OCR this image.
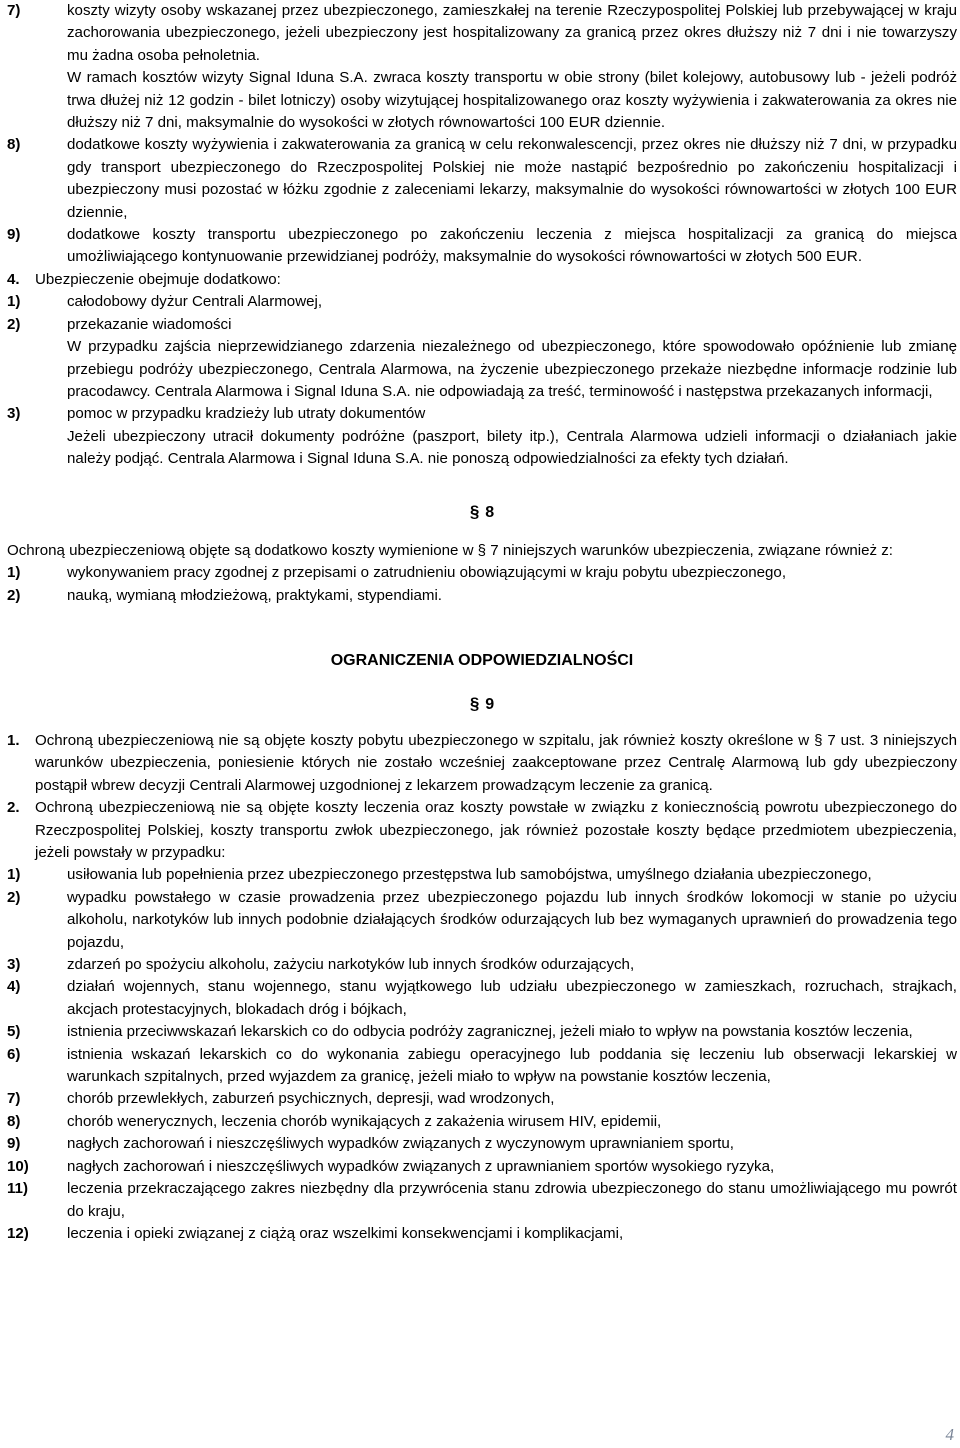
7)	koszty wizyty osoby wskazanej przez ubezpieczonego, zamieszkałej na terenie Rzeczypospolitej Polskiej lub przebywającej w kraju zachorowania ubezpieczonego, jeżeli ubezpieczony jest hospitalizowany za granicą przez okres dłuższy niż 7 dni i nie towarzyszy mu żadna osoba pełnoletnia.
W ramach kosztów wizyty Signal Iduna S.A. zwraca koszty transportu w obie strony (bilet kolejowy, autobusowy lub - jeżeli podróż trwa dłużej niż 12 godzin - bilet lotniczy) osoby wizytującej hospitalizowanego oraz koszty wyżywienia i zakwaterowania za okres nie dłuższy niż 7 dni, maksymalnie do wysokości w złotych równowartości 100 EUR dziennie.
8)	dodatkowe koszty wyżywienia i zakwaterowania za granicą w celu rekonwalescencji, przez okres nie dłuższy niż 7 dni, w przypadku gdy transport ubezpieczonego do Rzeczpospolitej Polskiej nie może nastąpić bezpośrednio po zakończeniu hospitalizacji i ubezpieczony musi pozostać w łóżku zgodnie z zaleceniami lekarzy, maksymalnie do wysokości równowartości w złotych 100 EUR dziennie,
9)	dodatkowe koszty transportu ubezpieczonego po zakończeniu leczenia z miejsca hospitalizacji za granicą do miejsca umożliwiającego kontynuowanie przewidzianej podróży, maksymalnie do wysokości równowartości w złotych 500 EUR.
4. Ubezpieczenie obejmuje dodatkowo:
1)	całodobowy dyżur Centrali Alarmowej,
2)	przekazanie wiadomości
W przypadku zajścia nieprzewidzianego zdarzenia niezależnego od ubezpieczonego, które spowodowało opóźnienie lub zmianę przebiegu podróży ubezpieczonego, Centrala Alarmowa, na życzenie ubezpieczonego przekaże niezbędne informacje rodzinie lub pracodawcy. Centrala Alarmowa i Signal Iduna S.A. nie odpowiadają za treść, terminowość i następstwa przekazanych informacji,
3)	pomoc w przypadku kradzieży lub utraty dokumentów
Jeżeli ubezpieczony utracił dokumenty podróżne (paszport, bilety itp.), Centrala Alarmowa udzieli informacji o działaniach jakie należy podjąć. Centrala Alarmowa i Signal Iduna S.A. nie ponoszą odpowiedzialności za efekty tych działań.
§ 8
Ochroną ubezpieczeniową objęte są dodatkowo koszty wymienione w § 7 niniejszych warunków ubezpieczenia, związane również z:
1)	wykonywaniem pracy zgodnej z przepisami o zatrudnieniu obowiązującymi w kraju pobytu ubezpieczonego,
2)	nauką, wymianą młodzieżową, praktykami, stypendiami.
OGRANICZENIA ODPOWIEDZIALNOŚCI
§ 9
1. Ochroną ubezpieczeniową nie są objęte koszty pobytu ubezpieczonego w szpitalu, jak również koszty określone w § 7 ust. 3 niniejszych warunków ubezpieczenia, poniesienie których nie zostało wcześniej zaakceptowane przez Centralę Alarmową lub gdy ubezpieczony postąpił wbrew decyzji Centrali Alarmowej uzgodnionej z lekarzem prowadzącym leczenie za granicą.
2. Ochroną ubezpieczeniową nie są objęte koszty leczenia oraz koszty powstałe w związku z koniecznością powrotu ubezpieczonego do Rzeczpospolitej Polskiej, koszty transportu zwłok ubezpieczonego, jak również pozostałe koszty będące przedmiotem ubezpieczenia, jeżeli powstały w przypadku:
1)	usiłowania lub popełnienia przez ubezpieczonego przestępstwa lub samobójstwa, umyślnego działania ubezpieczonego,
2)	wypadku powstałego w czasie prowadzenia przez ubezpieczonego pojazdu lub innych środków lokomocji w stanie po użyciu alkoholu, narkotyków lub innych podobnie działających środków odurzających lub bez wymaganych uprawnień do prowadzenia tego pojazdu,
3)	zdarzeń po spożyciu alkoholu, zażyciu narkotyków lub innych środków odurzających,
4)	działań wojennych, stanu wojennego, stanu wyjątkowego lub udziału ubezpieczonego w zamieszkach, rozruchach, strajkach, akcjach protestacyjnych, blokadach dróg i bójkach,
5)	istnienia przeciwwskazań lekarskich co do odbycia podróży zagranicznej, jeżeli miało to wpływ na powstania kosztów leczenia,
6)	istnienia wskazań lekarskich co do wykonania zabiegu operacyjnego lub poddania się leczeniu lub obserwacji lekarskiej w warunkach szpitalnych, przed wyjazdem za granicę, jeżeli miało to wpływ na powstanie kosztów leczenia,
7)	chorób przewlekłych, zaburzeń psychicznych, depresji, wad wrodzonych,
8)	chorób wenerycznych, leczenia chorób wynikających z zakażenia wirusem HIV, epidemii,
9)	nagłych zachorowań i nieszczęśliwych wypadków związanych z wyczynowym uprawnianiem sportu,
10)	nagłych zachorowań i nieszczęśliwych wypadków związanych z uprawnianiem sportów wysokiego ryzyka,
11)	leczenia przekraczającego zakres niezbędny dla przywrócenia stanu zdrowia ubezpieczonego do stanu umożliwiającego mu powrót do kraju,
12)	leczenia i opieki związanej z ciążą oraz wszelkimi konsekwencjami i komplikacjami,
4
